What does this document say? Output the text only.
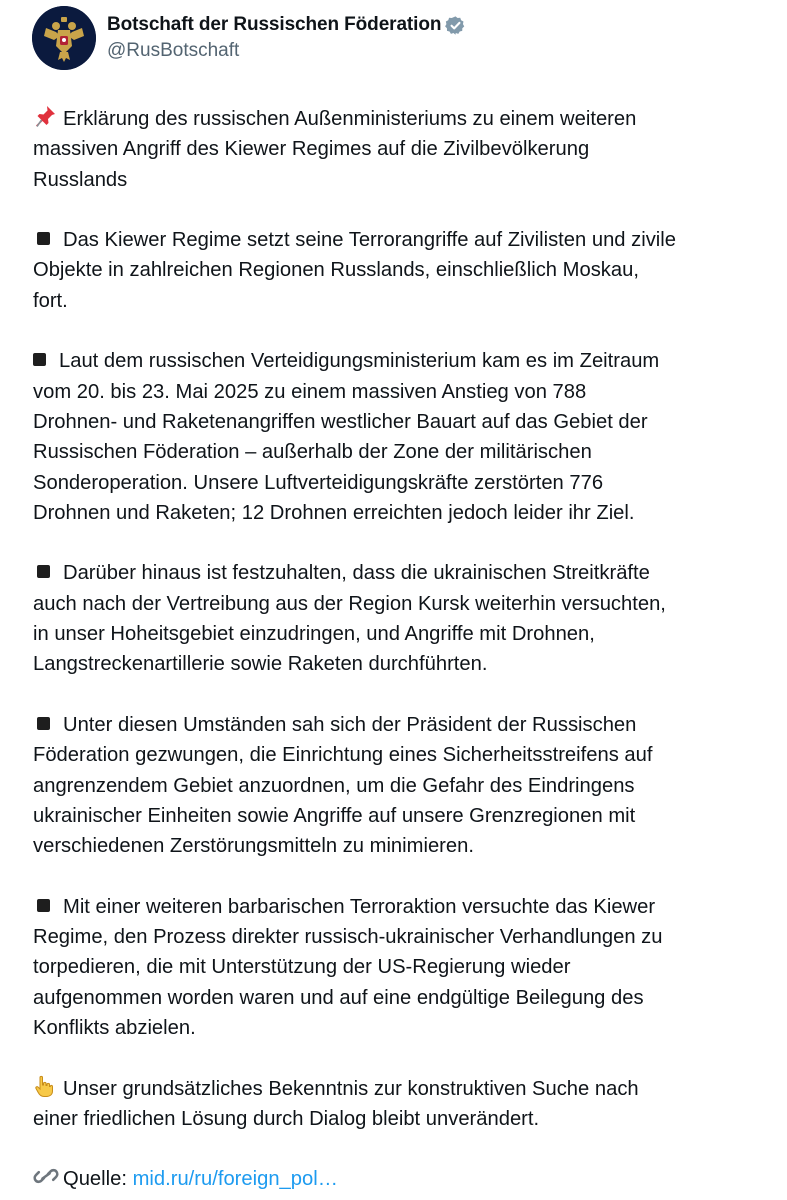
Botschaft der Russischen Föderation
@RusBotschaft
Erklärung des russischen Außenministeriums zu einem weiteren
massiven Angriff des Kiewer Regimes auf die Zivilbevölkerung
Russlands
Das Kiewer Regime setzt seine Terrorangriffe auf Zivilisten und zivile
Objekte in zahlreichen Regionen Russlands, einschließlich Moskau,
fort.
Laut dem russischen Verteidigungsministerium kam es im Zeitraum
vom 20. bis 23. Mai 2025 zu einem massiven Anstieg von 788
Drohnen- und Raketenangriffen westlicher Bauart auf das Gebiet der
Russischen Föderation – außerhalb der Zone der militärischen
Sonderoperation. Unsere Luftverteidigungskräfte zerstörten 776
Drohnen und Raketen; 12 Drohnen erreichten jedoch leider ihr Ziel.
Darüber hinaus ist festzuhalten, dass die ukrainischen Streitkräfte
auch nach der Vertreibung aus der Region Kursk weiterhin versuchten,
in unser Hoheitsgebiet einzudringen, und Angriffe mit Drohnen,
Langstreckenartillerie sowie Raketen durchführten.
Unter diesen Umständen sah sich der Präsident der Russischen
Föderation gezwungen, die Einrichtung eines Sicherheitsstreifens auf
angrenzendem Gebiet anzuordnen, um die Gefahr des Eindringens
ukrainischer Einheiten sowie Angriffe auf unsere Grenzregionen mit
verschiedenen Zerstörungsmitteln zu minimieren.
Mit einer weiteren barbarischen Terroraktion versuchte das Kiewer
Regime, den Prozess direkter russisch-ukrainischer Verhandlungen zu
torpedieren, die mit Unterstützung der US-Regierung wieder
aufgenommen worden waren und auf eine endgültige Beilegung des
Konflikts abzielen.
Unser grundsätzliches Bekenntnis zur konstruktiven Suche nach
einer friedlichen Lösung durch Dialog bleibt unverändert.
Quelle: mid.ru/ru/foreign_pol…
